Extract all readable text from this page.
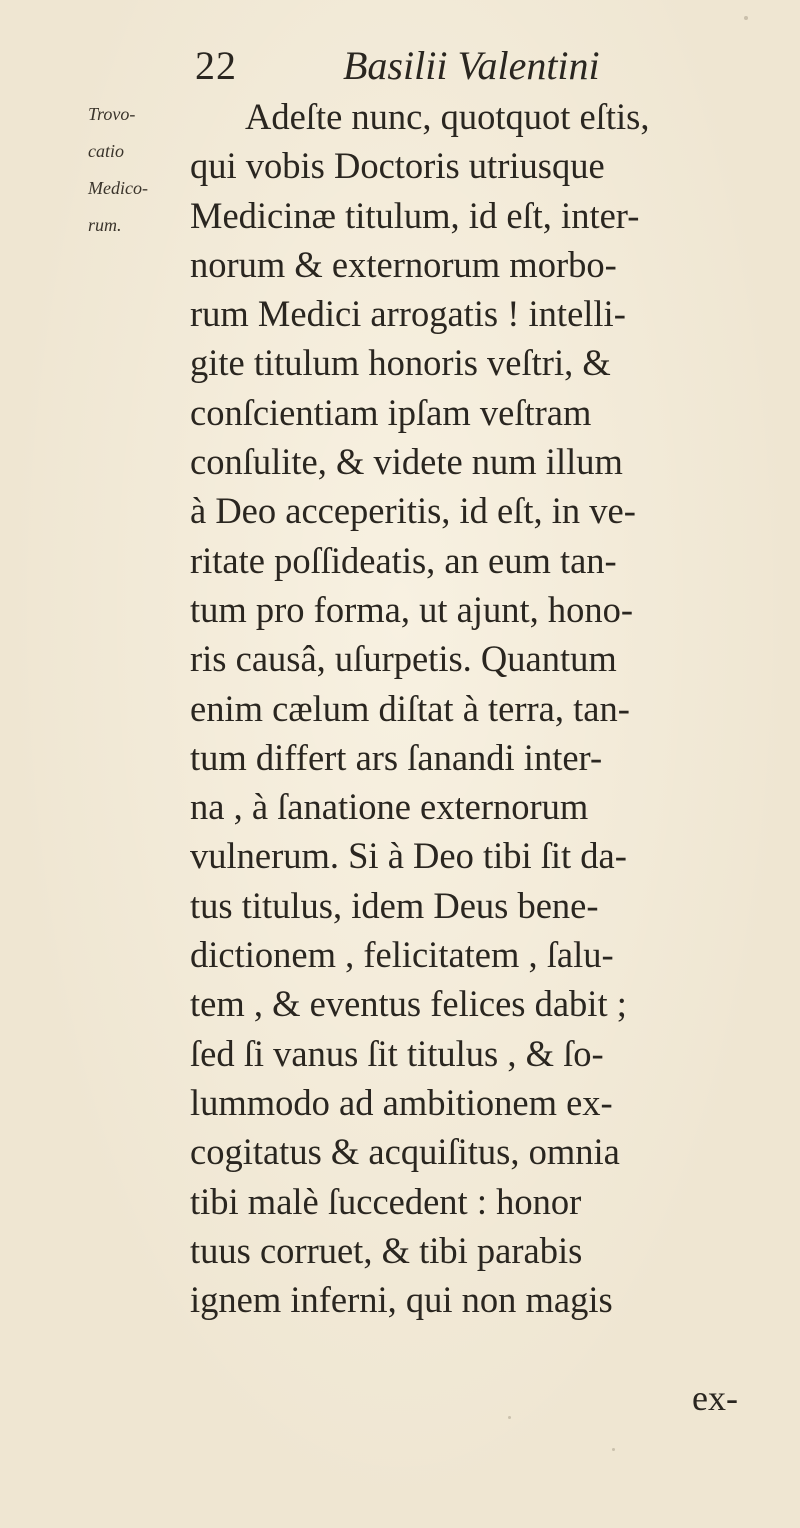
22	Basilii Valentini
Trovo-
catio
Medico-
rum.
Adeſte nunc, quotquot eſtis,
qui vobis Doctoris utriusque
Medicinæ titulum, id eſt, inter-
norum & externorum morbo-
rum Medici arrogatis ! intelli-
gite titulum honoris veſtri, &
conſcientiam ipſam veſtram
conſulite, & videte num illum
à Deo acceperitis, id eſt, in ve-
ritate poſſideatis, an eum tan-
tum pro forma, ut ajunt, hono-
ris causâ, uſurpetis. Quantum
enim cælum diſtat à terra, tan-
tum differt ars ſanandi inter-
na , à ſanatione externorum
vulnerum. Si à Deo tibi ſit da-
tus titulus, idem Deus bene-
dictionem , felicitatem , ſalu-
tem , & eventus felices dabit ;
ſed ſi vanus ſit titulus , & ſo-
lummodo ad ambitionem ex-
cogitatus & acquiſitus, omnia
tibi malè ſuccedent : honor
tuus corruet, & tibi parabis
ignem inferni, qui non magis
ex-
